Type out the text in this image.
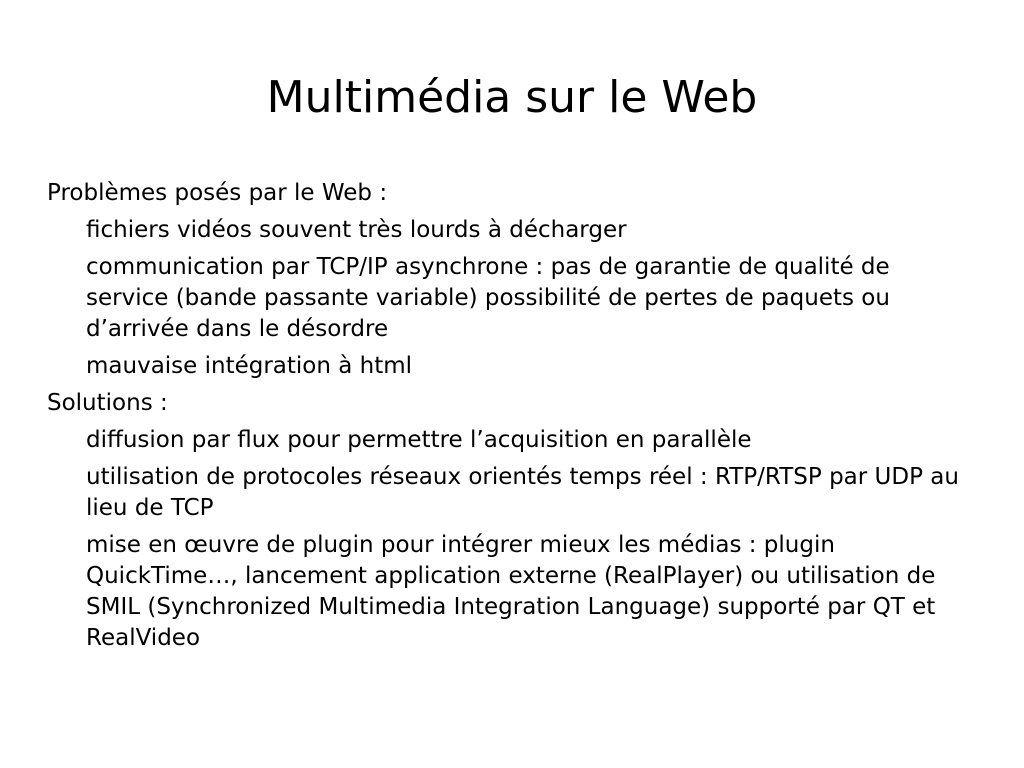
Multimédia sur le Web
Problèmes posés par le Web :
fichiers vidéos souvent très lourds à décharger
communication par TCP/IP asynchrone : pas de garantie de qualité de service (bande passante variable) possibilité de pertes de paquets ou d’arrivée dans le désordre
mauvaise intégration à html
Solutions :
diffusion par flux pour permettre l’acquisition en parallèle
utilisation de protocoles réseaux orientés temps réel : RTP/RTSP par UDP au lieu de TCP
mise en œuvre de plugin pour intégrer mieux les médias : plugin QuickTime…, lancement application externe (RealPlayer) ou utilisation de SMIL (Synchronized Multimedia Integration Language) supporté par QT et RealVideo
